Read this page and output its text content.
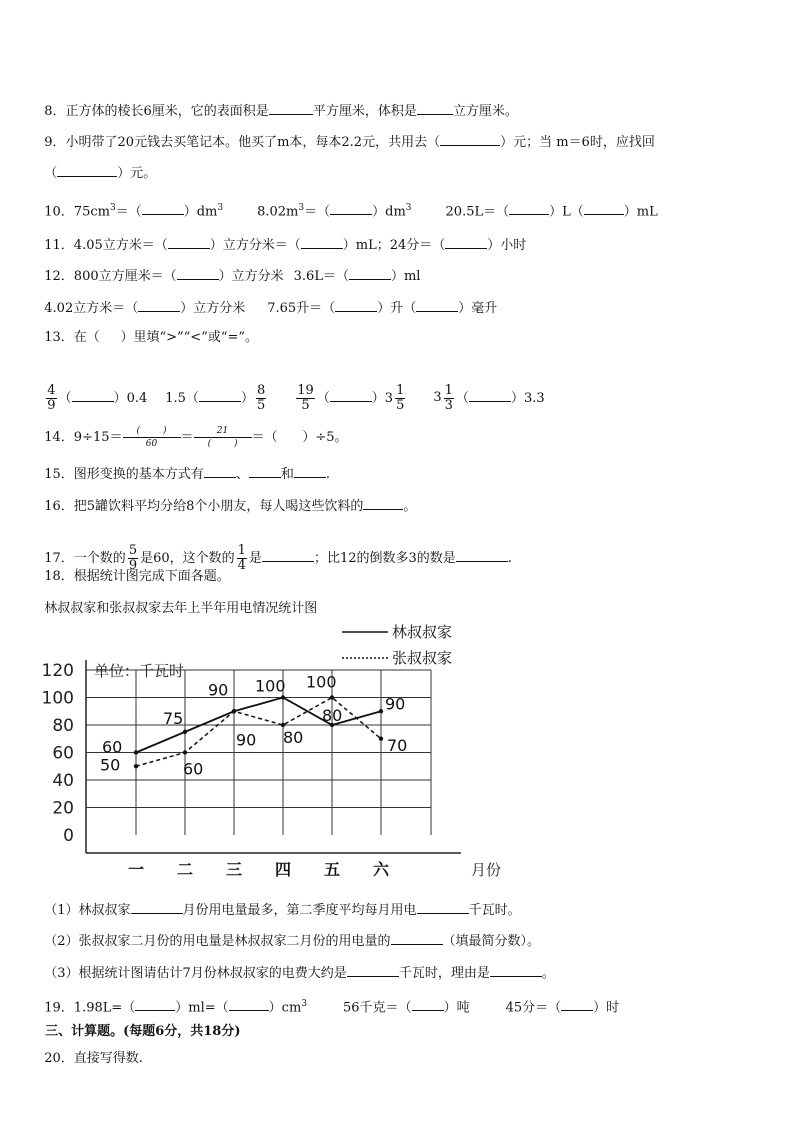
8．正方体的棱长6厘米，它的表面积是	平方厘米，体积是	立方厘米。

9．小明带了20元钱去买笔记本。他买了m本，每本2.2元，共用去（	）元；当 m＝6时，应找回

（	）元。

10．$75cm^3=$（	）$dm^3$	$8.02m^3=$（	）$dm^3$	20.5L＝（	）L（	）mL

11．4.05立方米＝（	）立方分米＝（	）mL；24分＝（	）小时

12．800立方厘米＝（	）立方分米 3.6L＝（	）ml

4.02立方米＝（	）立方分米 7.65升＝（	）升（	）毫升

13．在（     ）里填“>”“<”或“=”。

$\frac{4}{9}$ （	）0.4 1.5（	） $\frac{8}{5} \frac{19}{5}$ （	）$3 \frac{1}{5} 3 \frac{1}{3}$ （	）3.3

14．$9\div 15= \frac{( )}{60} = \frac{21}{( )}$ ＝（      ）÷5。

15．图形变换的基本方式有 、 和 .

16．把5罐饮料平均分给8个小朋友，每人喝这些饮料的	。

17．一个数的 $\frac{5}{9}$ 是60，这个数的 $\frac{1}{4}$ 是	；比12的倒数多3的数是	.

18．根据统计图完成下面各题。

林叔叔家和张叔叔家去年上半年用电情况统计图

0
20
40
60
80
100
120 单位：千瓦时
一 二 三 四 五 六	月份
林叔叔家
张叔叔家
60
75
90 100
80
90
50	60
90 80
100
70

（1）林叔叔家	月份用电量最多，第二季度平均每月用电	千瓦时。

（2）张叔叔家二月份的用电量是林叔叔家二月份的用电量的	（填最简分数）。

（3）根据统计图请估计7月份林叔叔家的电费大约是	千瓦时，理由是	。

19．1.98L=（	）ml=（	）$cm^3$	56千克＝（ ）吨	45分＝（ ）时

三、计算题。(每题6分，共18分)

20．直接写得数.
